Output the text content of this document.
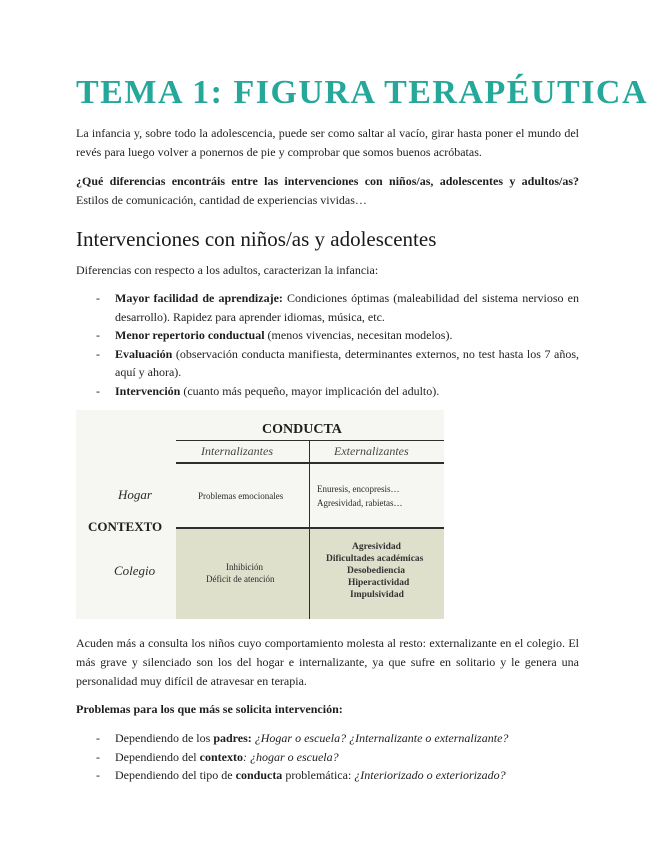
TEMA 1: FIGURA TERAPÉUTICA

La infancia y, sobre todo la adolescencia, puede ser como saltar al vacío, girar hasta poner el mundo del revés para luego volver a ponernos de pie y comprobar que somos buenos acróbatas.

¿Qué diferencias encontráis entre las intervenciones con niños/as, adolescentes y adultos/as? Estilos de comunicación, cantidad de experiencias vividas…

Intervenciones con niños/as y adolescentes

Diferencias con respecto a los adultos, caracterizan la infancia:

- Mayor facilidad de aprendizaje: Condiciones óptimas (maleabilidad del sistema nervioso en desarrollo). Rapidez para aprender idiomas, música, etc.
- Menor repertorio conductual (menos vivencias, necesitan modelos).
- Evaluación (observación conducta manifiesta, determinantes externos, no test hasta los 7 años, aquí y ahora).
- Intervención (cuanto más pequeño, mayor implicación del adulto).
CONDUCTA
Internalizantes	Externalizantes
Hogar
CONTEXTO
Colegio
Problemas emocionales
Enuresis, encopresis…
Agresividad, rabietas…
Inhibición
Déficit de atención
Agresividad
Dificultades académicas
Desobediencia
Hiperactividad
Impulsividad

Acuden más a consulta los niños cuyo comportamiento molesta al resto: externalizante en el colegio. El más grave y silenciado son los del hogar e internalizante, ya que sufre en solitario y le genera una personalidad muy difícil de atravesar en terapia.

Problemas para los que más se solicita intervención:

- Dependiendo de los padres: ¿Hogar o escuela? ¿Internalizante o externalizante?
- Dependiendo del contexto: ¿hogar o escuela?
- Dependiendo del tipo de conducta problemática: ¿Interiorizado o exteriorizado?
